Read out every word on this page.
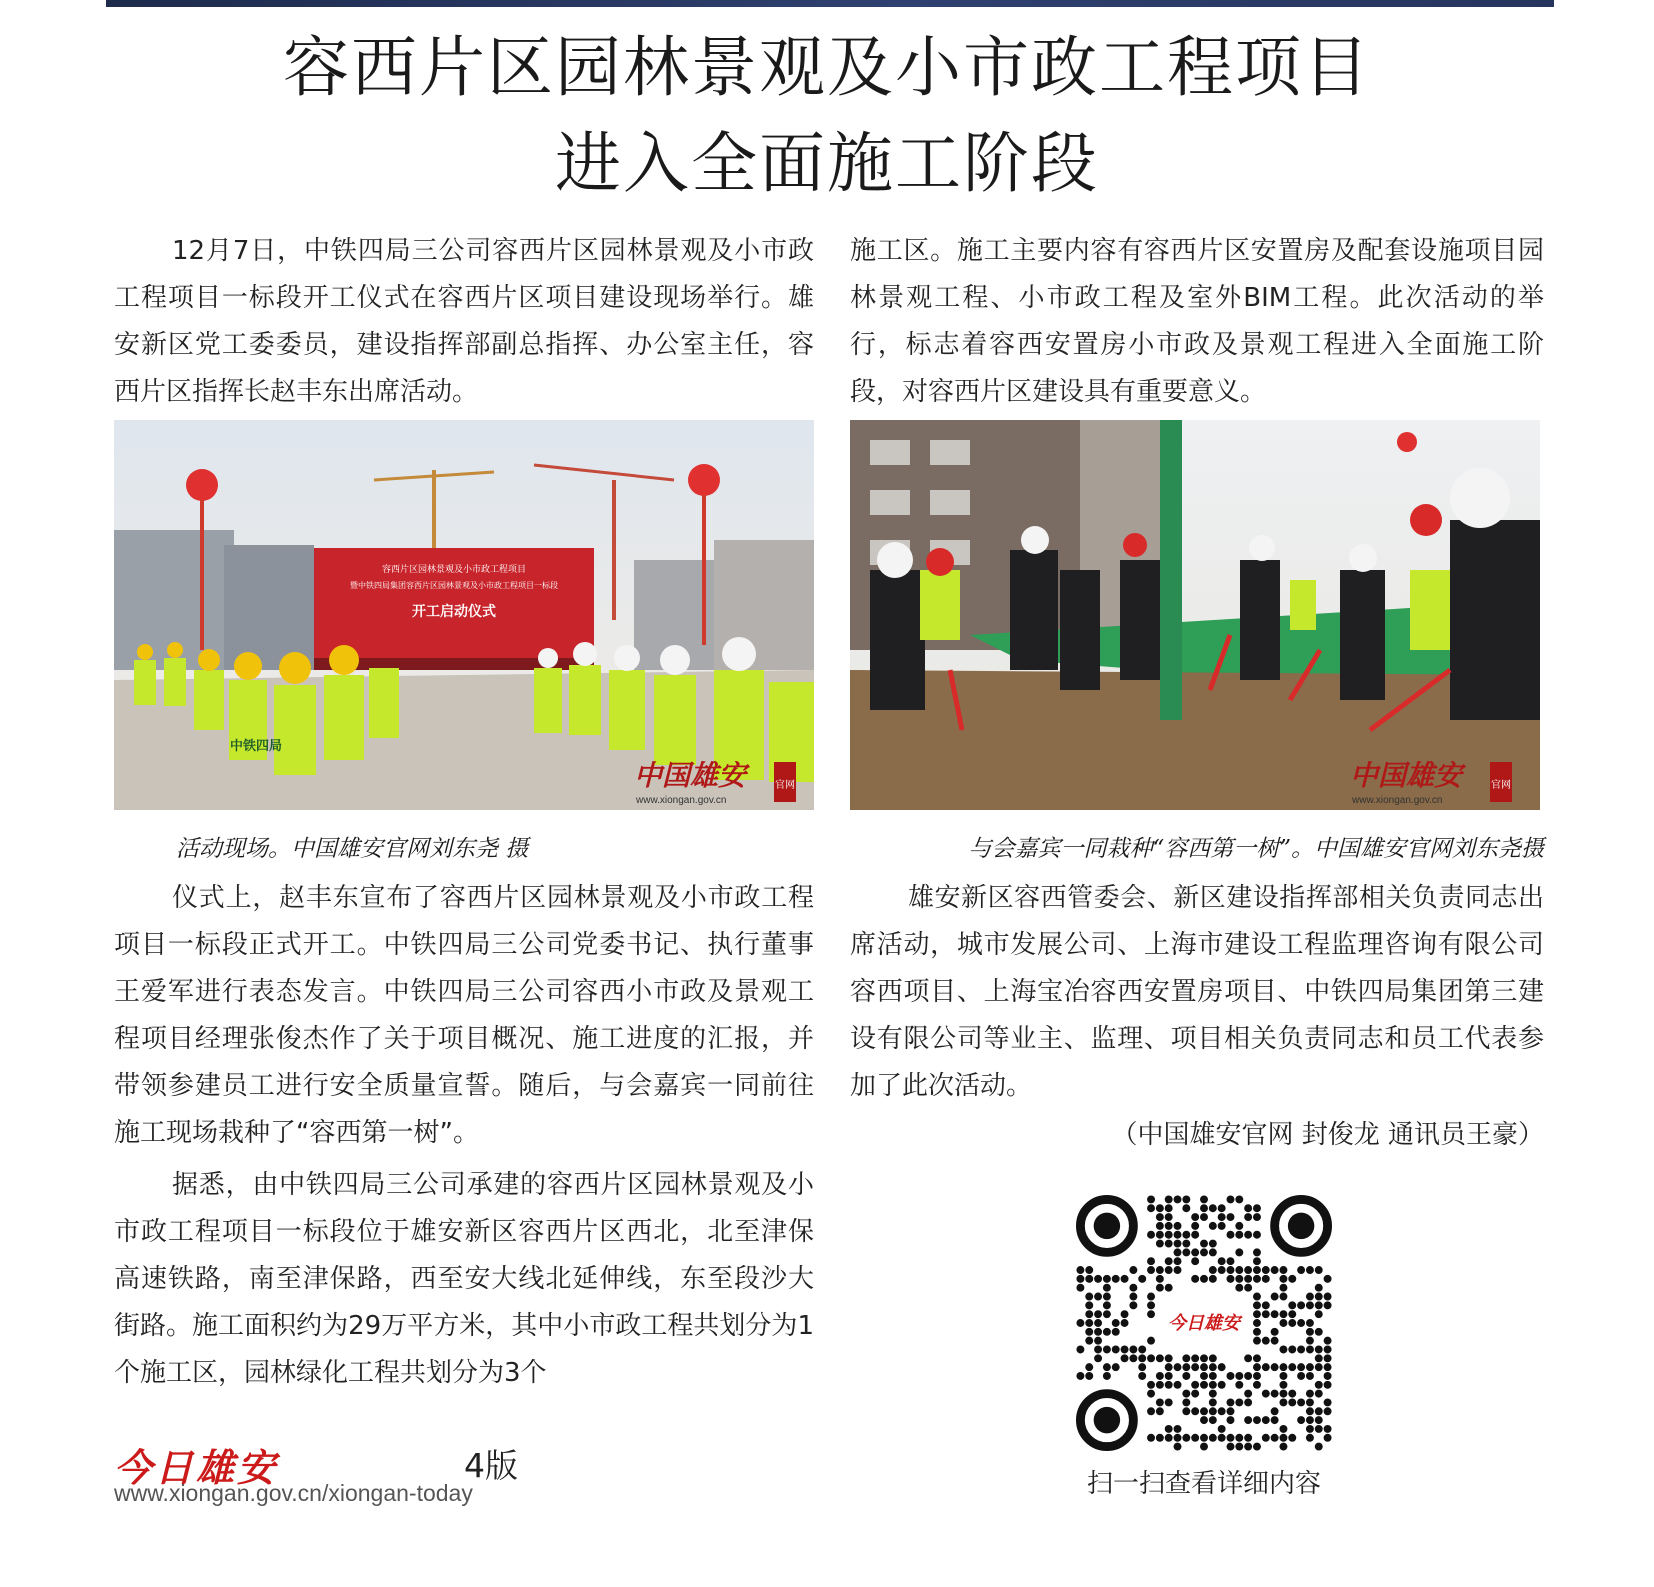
容西片区园林景观及小市政工程项目
进入全面施工阶段

12月7日，中铁四局三公司容西片区园林景观及小市政工程项目一标段开工仪式在容西片区项目建设现场举行。雄安新区党工委委员，建设指挥部副总指挥、办公室主任，容西片区指挥长赵丰东出席活动。

施工区。施工主要内容有容西片区安置房及配套设施项目园林景观工程、小市政工程及室外BIM工程。此次活动的举行，标志着容西安置房小市政及景观工程进入全面施工阶段，对容西片区建设具有重要意义。

容西片区园林景观及小市政工程项目
暨中铁四局集团容西片区园林景观及小市政工程项目一标段
开工启动仪式
中铁四局
中国雄安
www.xiongan.gov.cn
官网	中国雄安
www.xiongan.gov.cn
官网

活动现场。中国雄安官网刘东尧 摄	与会嘉宾一同栽种“容西第一树”。中国雄安官网刘东尧摄

仪式上，赵丰东宣布了容西片区园林景观及小市政工程项目一标段正式开工。中铁四局三公司党委书记、执行董事王爱军进行表态发言。中铁四局三公司容西小市政及景观工程项目经理张俊杰作了关于项目概况、施工进度的汇报，并带领参建员工进行安全质量宣誓。随后，与会嘉宾一同前往施工现场栽种了“容西第一树”。

据悉，由中铁四局三公司承建的容西片区园林景观及小市政工程项目一标段位于雄安新区容西片区西北，北至津保高速铁路，南至津保路，西至安大线北延伸线，东至段沙大街路。施工面积约为29万平方米，其中小市政工程共划分为1个施工区，园林绿化工程共划分为3个

雄安新区容西管委会、新区建设指挥部相关负责同志出席活动，城市发展公司、上海市建设工程监理咨询有限公司容西项目、上海宝冶容西安置房项目、中铁四局集团第三建设有限公司等业主、监理、项目相关负责同志和员工代表参加了此次活动。

（中国雄安官网 封俊龙 通讯员王豪）

今日雄安
扫一扫查看详细内容
今日雄安	4版
www.xiongan.gov.cn/xiongan-today
